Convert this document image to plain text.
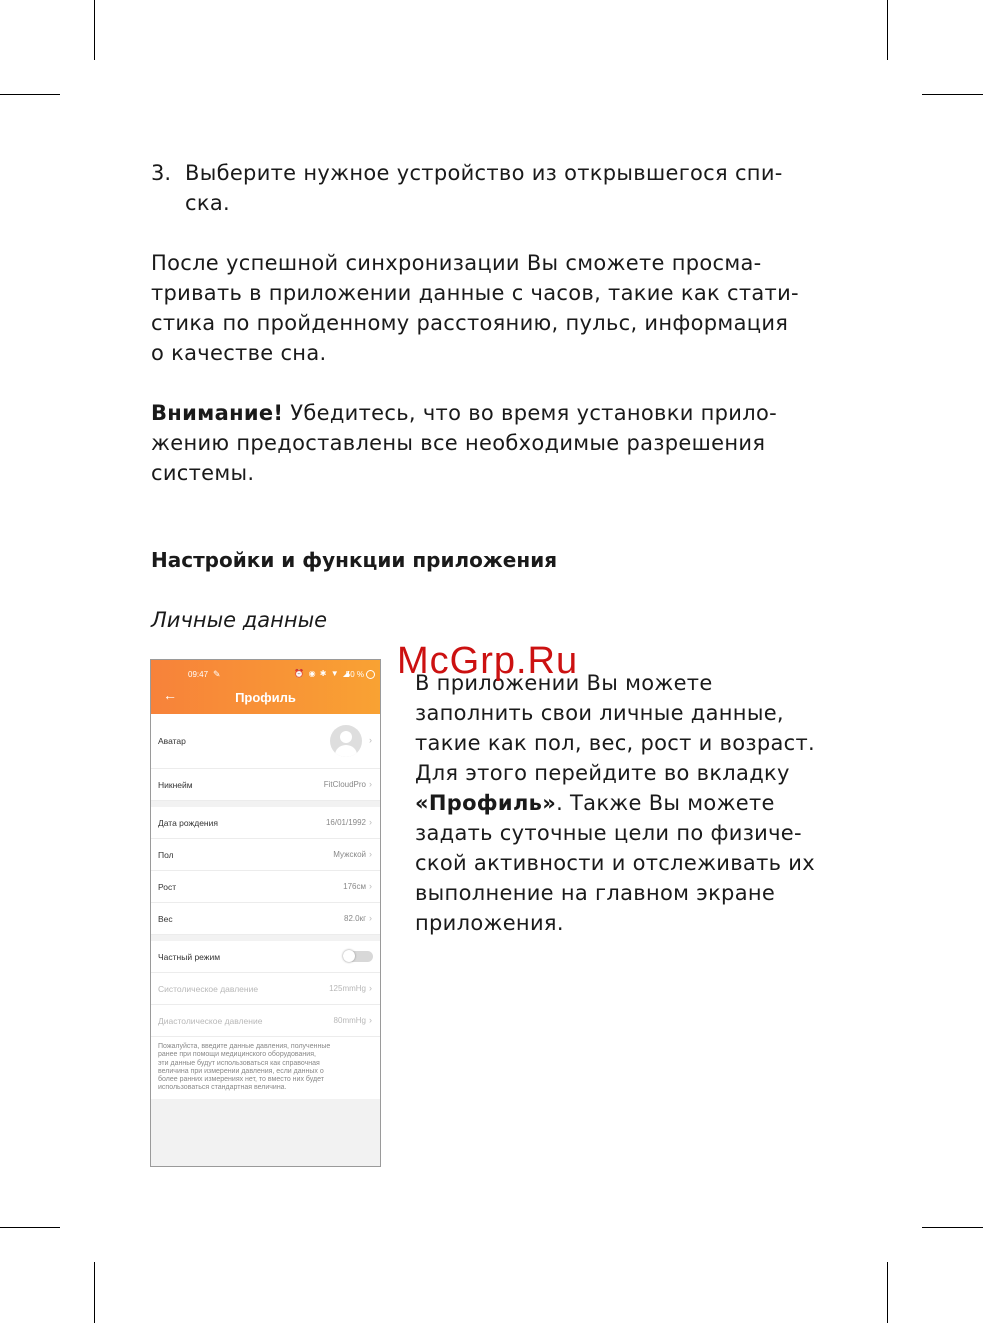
3. Выберите нужное устройство из открывшегося спи-
ска.
После успешной синхронизации Вы сможете просма-
тривать в приложении данные с часов, такие как стати-
стика по пройденному расстоянию, пульс, информация
о качестве сна.
Внимание! Убедитесь, что во время установки прило-
жению предоставлены все необходимые разрешения
системы.
Настройки и функции приложения
Личные данные
09:47 ✎	⏰ ◉ ✱ ▼ ◢
50 %
←	Профиль
Аватар	›
Никнейм	FitCloudPro ›
Дата рождения	16/01/1992 ›
Пол	Мужской ›
Рост	176см ›
Вес	82.0кг ›
Частный режим
Систолическое давление	125mmHg ›
Диастолическое давление	80mmHg ›
Пожалуйста, введите данные давления, полученные
ранее при помощи медицинского оборудования,
эти данные будут использоваться как справочная
величина при измерении давления, если данных о
более ранних измерениях нет, то вместо них будет
использоваться стандартная величина.
В приложении Вы можете
заполнить свои личные данные,
такие как пол, вес, рост и возраст.
Для этого перейдите во вкладку
«Профиль». Также Вы можете
задать суточные цели по физиче-
ской активности и отслеживать их
выполнение на главном экране
приложения.
McGrp.Ru
